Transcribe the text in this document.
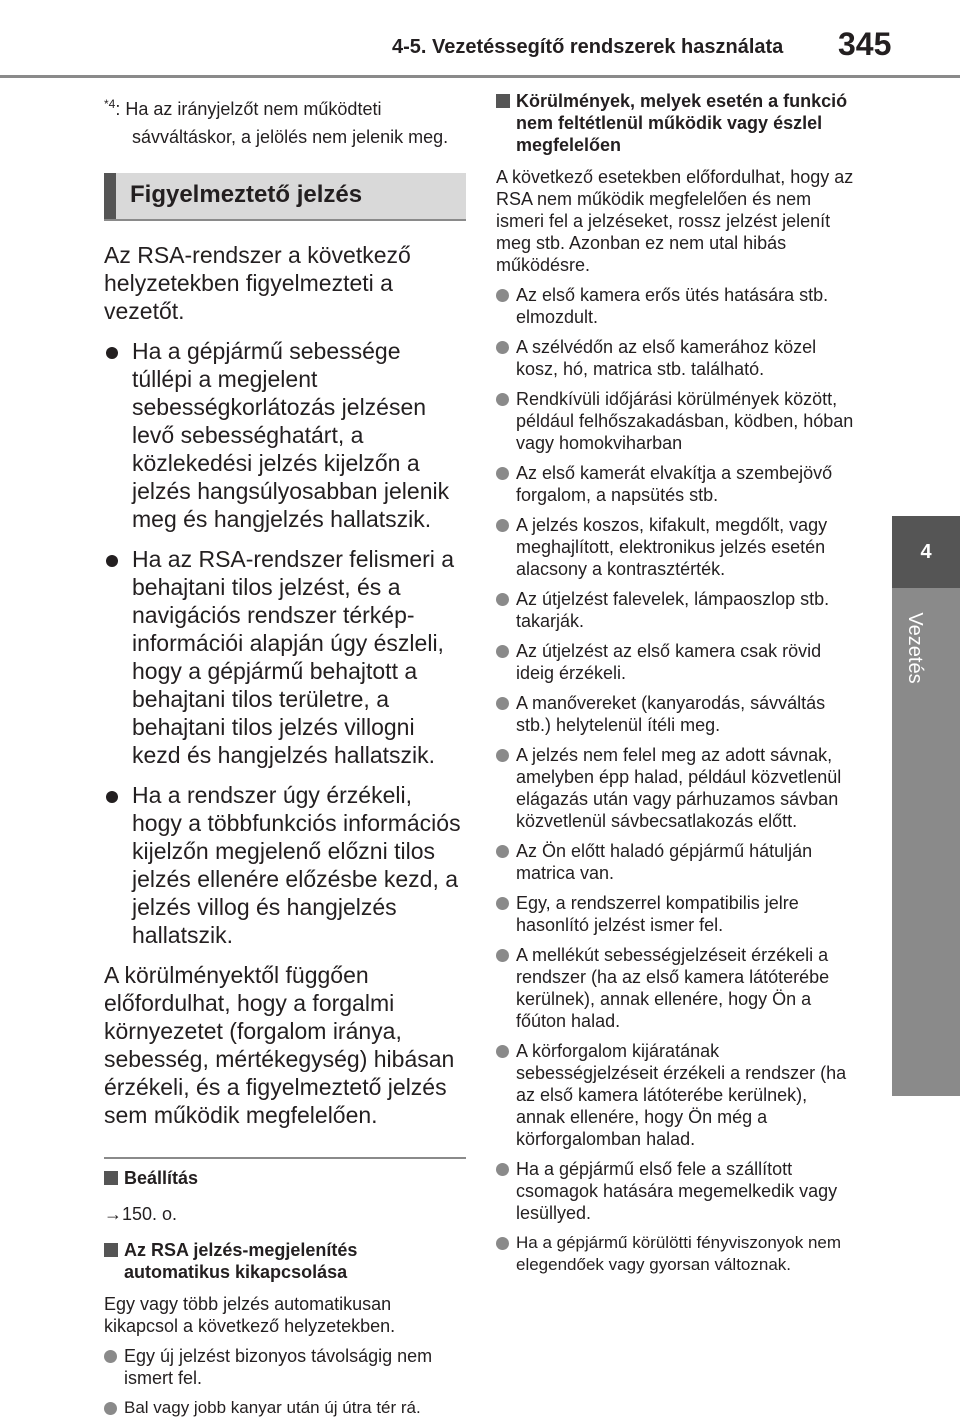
4-5. Vezetéssegítő rendszerek használata 345
4
Vezetés
$^{*4}$: Ha az irányjelzőt nem működteti sávváltáskor, a jelölés nem jelenik meg.
Figyelmeztető jelzés

Az RSA-rendszer a következő helyzetekben figyelmezteti a vezetőt.

Ha a gépjármű sebessége túllépi a megjelent sebességkorlátozás jelzésen levő sebességhatárt, a közlekedési jelzés kijelzőn a jelzés hangsúlyosabban jelenik meg és hangjelzés hallatszik.
Ha az RSA-rendszer felismeri a behajtani tilos jelzést, és a navigációs rendszer térkép-információi alapján úgy észleli, hogy a gépjármű behajtott a behajtani tilos területre, a behajtani tilos jelzés villogni kezd és hangjelzés hallatszik.
Ha a rendszer úgy érzékeli, hogy a többfunkciós információs kijelzőn megjelenő előzni tilos jelzés ellenére előzésbe kezd, a jelzés villog és hangjelzés hallatszik.

A körülményektől függően előfordulhat, hogy a forgalmi környezetet (forgalom iránya, sebesség, mértékegység) hibásan érzékeli, és a figyelmeztető jelzés sem működik megfelelően.

Beállítás

→150. o.

Az RSA jelzés-megjelenítés automatikus kikapcsolása

Egy vagy több jelzés automatikusan kikapcsol a következő helyzetekben.

Egy új jelzést bizonyos távolságig nem ismert fel.
Bal vagy jobb kanyar után új útra tér rá.
Körülmények, melyek esetén a funkció nem feltétlenül működik vagy észlel megfelelően

A következő esetekben előfordulhat, hogy az RSA nem működik megfelelően és nem ismeri fel a jelzéseket, rossz jelzést jelenít meg stb. Azonban ez nem utal hibás működésre.

Az első kamera erős ütés hatására stb. elmozdult.
A szélvédőn az első kamerához közel kosz, hó, matrica stb. található.
Rendkívüli időjárási körülmények között, például felhőszakadásban, ködben, hóban vagy homokviharban
Az első kamerát elvakítja a szembejövő forgalom, a napsütés stb.
A jelzés koszos, kifakult, megdőlt, vagy meghajlított, elektronikus jelzés esetén alacsony a kontrasztérték.
Az útjelzést falevelek, lámpaoszlop stb. takarják.
Az útjelzést az első kamera csak rövid ideig érzékeli.
A manővereket (kanyarodás, sávváltás stb.) helytelenül ítéli meg.
A jelzés nem felel meg az adott sávnak, amelyben épp halad, például közvetlenül elágazás után vagy párhuzamos sávban közvetlenül sávbecsatlakozás előtt.
Az Ön előtt haladó gépjármű hátulján matrica van.
Egy, a rendszerrel kompatibilis jelre hasonlító jelzést ismer fel.
A mellékút sebességjelzéseit érzékeli a rendszer (ha az első kamera látóterébe kerülnek), annak ellenére, hogy Ön a főúton halad.
A körforgalom kijáratának sebességjelzéseit érzékeli a rendszer (ha az első kamera látóterébe kerülnek), annak ellenére, hogy Ön még a körforgalomban halad.
Ha a gépjármű első fele a szállított csomagok hatására megemelkedik vagy lesüllyed.
Ha a gépjármű körülötti fényviszonyok nem elegendőek vagy gyorsan változnak.
